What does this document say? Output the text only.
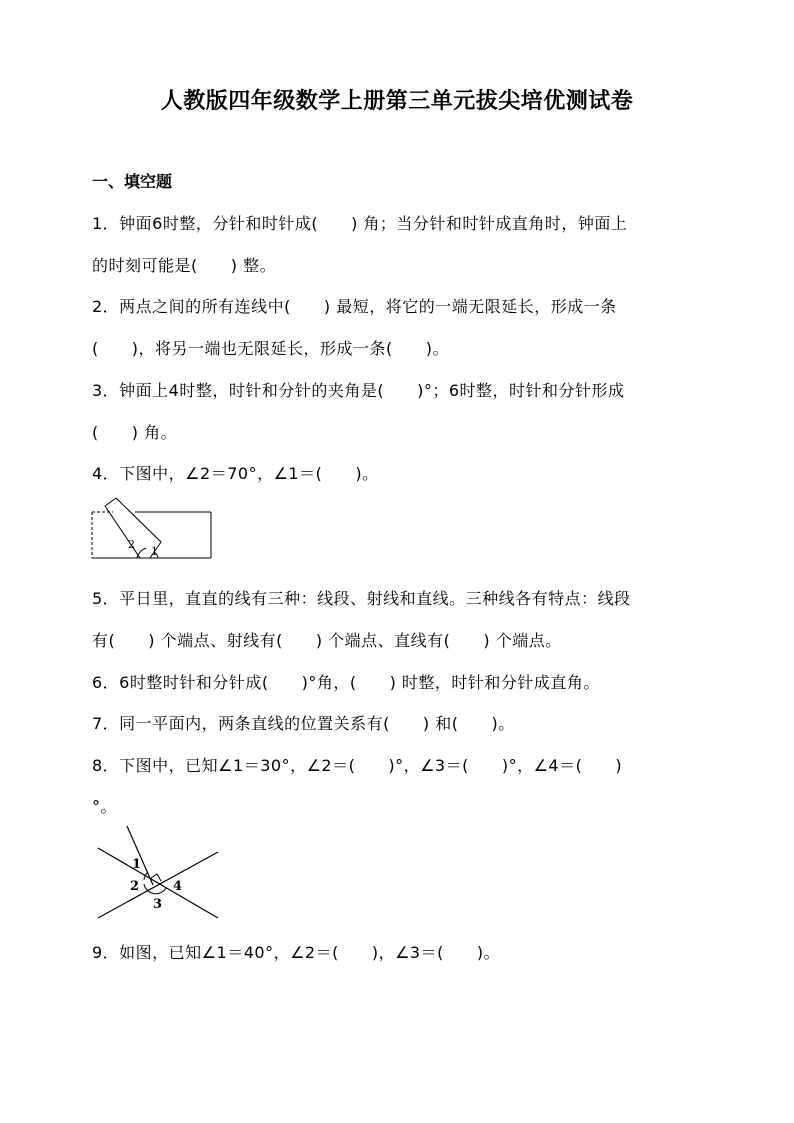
人教版四年级数学上册第三单元拔尖培优测试卷
一、填空题
1．钟面6时整，分针和时针成(　　) 角；当分针和时针成直角时，钟面上
的时刻可能是(　　) 整。
2．两点之间的所有连线中(　　) 最短，将它的一端无限延长，形成一条
(　　)，将另一端也无限延长，形成一条(　　)。
3．钟面上4时整，时针和分针的夹角是(　　)°；6时整，时针和分针形成
(　　) 角。
4．下图中，∠2＝70°，∠1＝(　　)。
2
1
5．平日里，直直的线有三种：线段、射线和直线。三种线各有特点：线段
有(　　) 个端点、射线有(　　) 个端点、直线有(　　) 个端点。
6．6时整时针和分针成(　　)°角，(　　) 时整，时针和分针成直角。
7．同一平面内，两条直线的位置关系有(　　) 和(　　)。
8．下图中，已知∠1＝30°，∠2＝(　　)°，∠3＝(　　)°，∠4＝(　　)
°。
1
2
3
4
9．如图，已知∠1＝40°，∠2＝(　　)，∠3＝(　　)。
